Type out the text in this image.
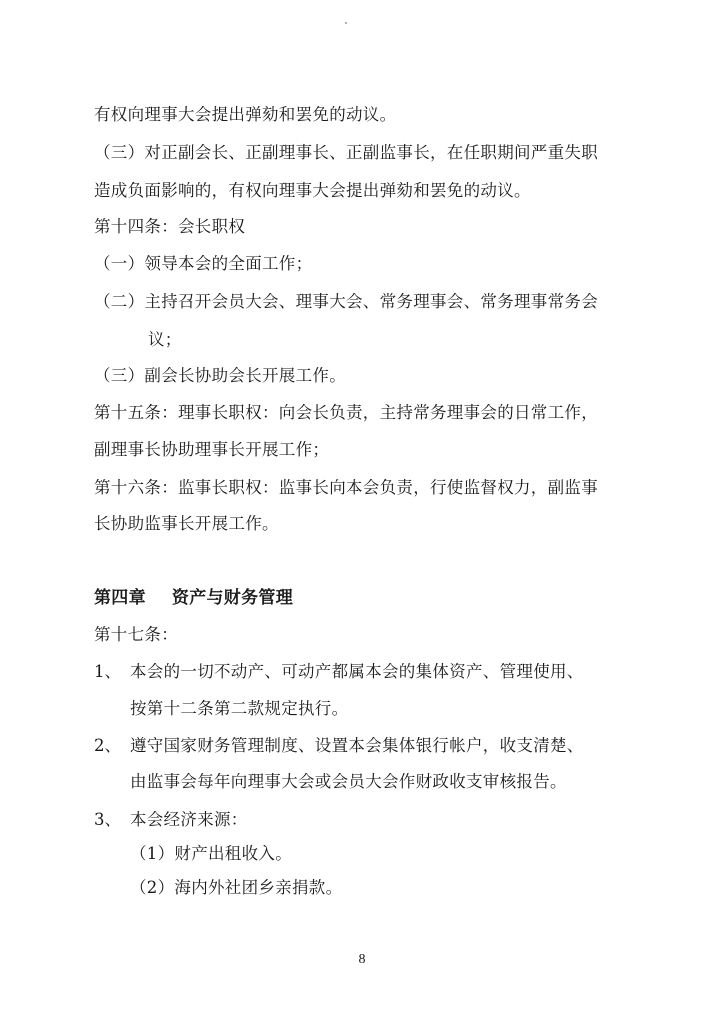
有权向理事大会提出弹劾和罢免的动议。
（三）对正副会长、正副理事长、正副监事长，在任职期间严重失职
造成负面影响的，有权向理事大会提出弹劾和罢免的动议。
第十四条：会长职权
（一）领导本会的全面工作；
（二）主持召开会员大会、理事大会、常务理事会、常务理事常务会
议；
（三）副会长协助会长开展工作。
第十五条：理事长职权：向会长负责，主持常务理事会的日常工作，
副理事长协助理事长开展工作；
第十六条：监事长职权：监事长向本会负责，行使监督权力，副监事
长协助监事长开展工作。
第四章 资产与财务管理
第十七条：
1、 本会的一切不动产、可动产都属本会的集体资产、管理使用、
按第十二条第二款规定执行。
2、 遵守国家财务管理制度、设置本会集体银行帐户，收支清楚、
由监事会每年向理事大会或会员大会作财政收支审核报告。
3、 本会经济来源：
（1）财产出租收入。
（2）海内外社团乡亲捐款。
8
